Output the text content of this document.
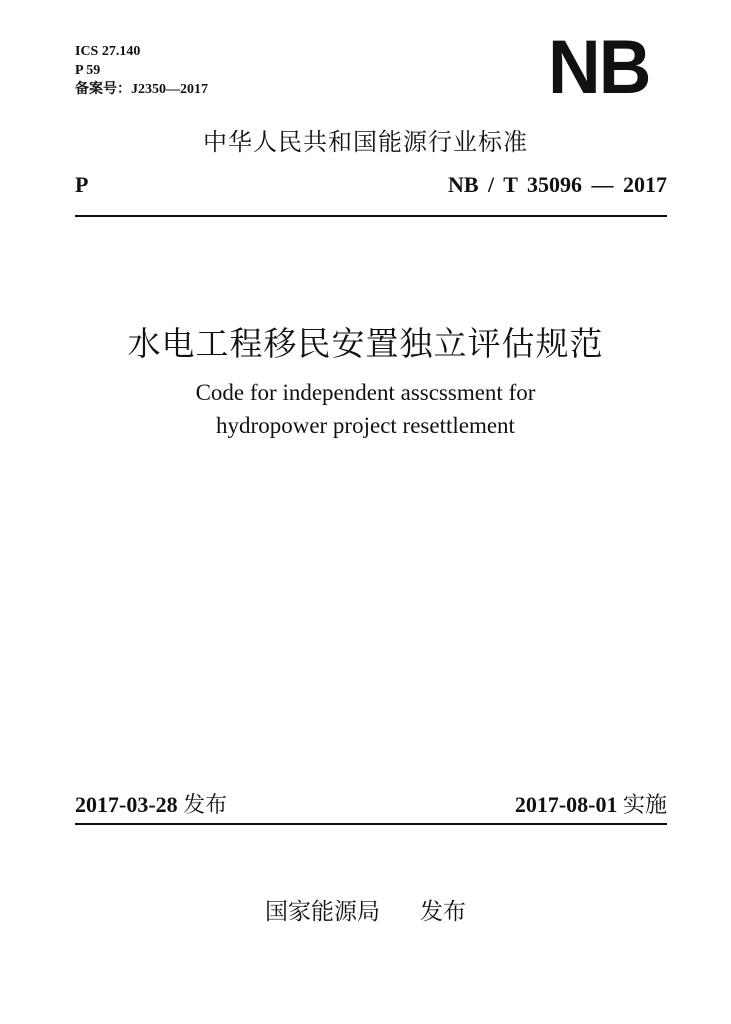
ICS 27.140
P 59
备案号：J2350—2017	NB
中华人民共和国能源行业标准
P	NB / T 35096 — 2017
水电工程移民安置独立评估规范
Code for independent asscssment for
hydropower project resettlement
2017-03-28 发布	2017-08-01 实施
国家能源局 发布
